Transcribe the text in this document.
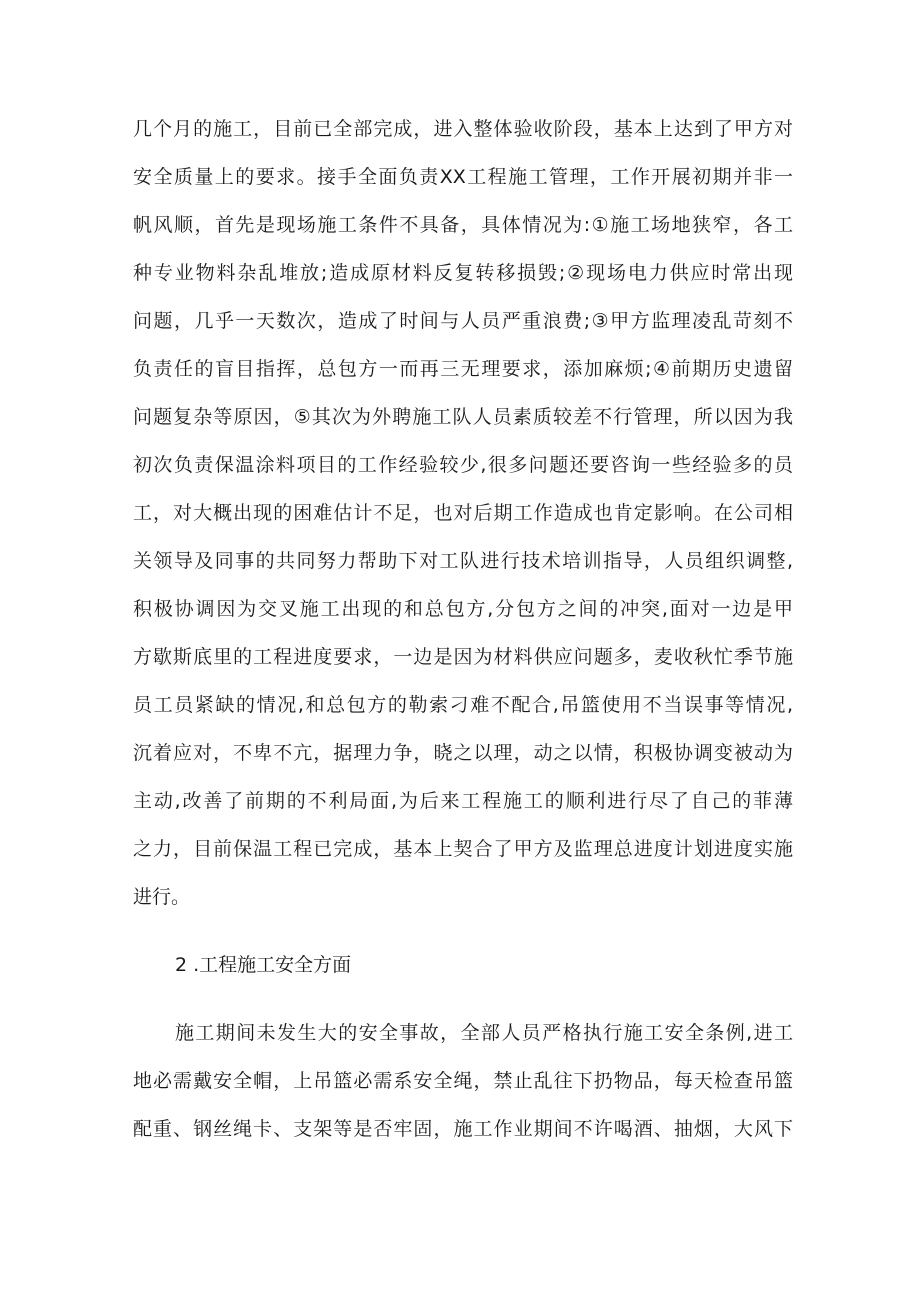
几个月的施工，目前已全部完成，进入整体验收阶段，基本上达到了甲方对
安全质量上的要求。接手全面负责XX工程施工管理，工作开展初期并非一
帆风顺，首先是现场施工条件不具备，具体情况为:①施工场地狭窄，各工
种专业物料杂乱堆放;造成原材料反复转移损毁;②现场电力供应时常出现
问题，几乎一天数次，造成了时间与人员严重浪费;③甲方监理凌乱苛刻不
负责任的盲目指挥，总包方一而再三无理要求，添加麻烦;④前期历史遗留
问题复杂等原因，⑤其次为外聘施工队人员素质较差不行管理，所以因为我
初次负责保温涂料项目的工作经验较少,很多问题还要咨询一些经验多的员
工，对大概出现的困难估计不足，也对后期工作造成也肯定影响。在公司相
关领导及同事的共同努力帮助下对工队进行技术培训指导，人员组织调整,
积极协调因为交叉施工出现的和总包方,分包方之间的冲突,面对一边是甲
方歇斯底里的工程进度要求，一边是因为材料供应问题多，麦收秋忙季节施
员工员紧缺的情况,和总包方的勒索刁难不配合,吊篮使用不当误事等情况,
沉着应对，不卑不亢，据理力争，晓之以理，动之以情，积极协调变被动为
主动,改善了前期的不利局面,为后来工程施工的顺利进行尽了自己的菲薄
之力，目前保温工程已完成，基本上契合了甲方及监理总进度计划进度实施
进行。
2 .工程施工安全方面
施工期间未发生大的安全事故，全部人员严格执行施工安全条例,进工
地必需戴安全帽，上吊篮必需系安全绳，禁止乱往下扔物品，每天检查吊篮
配重、钢丝绳卡、支架等是否牢固，施工作业期间不许喝酒、抽烟，大风下
